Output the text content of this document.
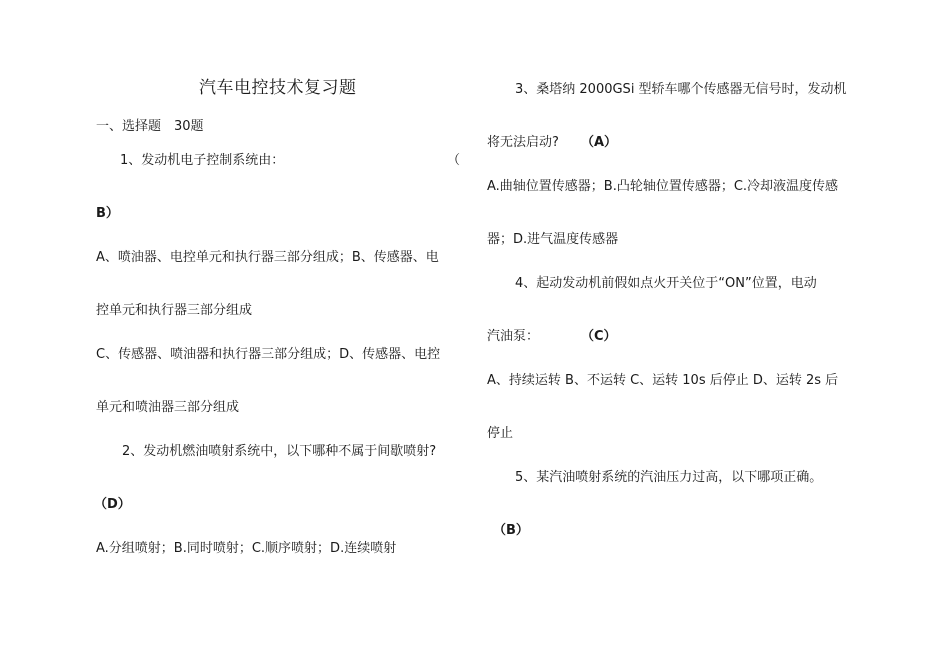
汽车电控技术复习题
一、选择题　30题
1、发动机电子控制系统由：	（
B）
A、喷油器、电控单元和执行器三部分组成；B、传感器、电
控单元和执行器三部分组成
C、传感器、喷油器和执行器三部分组成；D、传感器、电控
单元和喷油器三部分组成
2、发动机燃油喷射系统中，以下哪种不属于间歇喷射?
（D）
A.分组喷射；B.同时喷射；C.顺序喷射；D.连续喷射
3、桑塔纳 2000GSi 型轿车哪个传感器无信号时，发动机
将无法启动? （A）
A.曲轴位置传感器；B.凸轮轴位置传感器；C.冷却液温度传感
器；D.进气温度传感器
4、起动发动机前假如点火开关位于“ON”位置，电动
汽油泵：	（C）
A、持续运转 B、不运转 C、运转 10s 后停止 D、运转 2s 后
停止
5、某汽油喷射系统的汽油压力过高，以下哪项正确。
（B）
